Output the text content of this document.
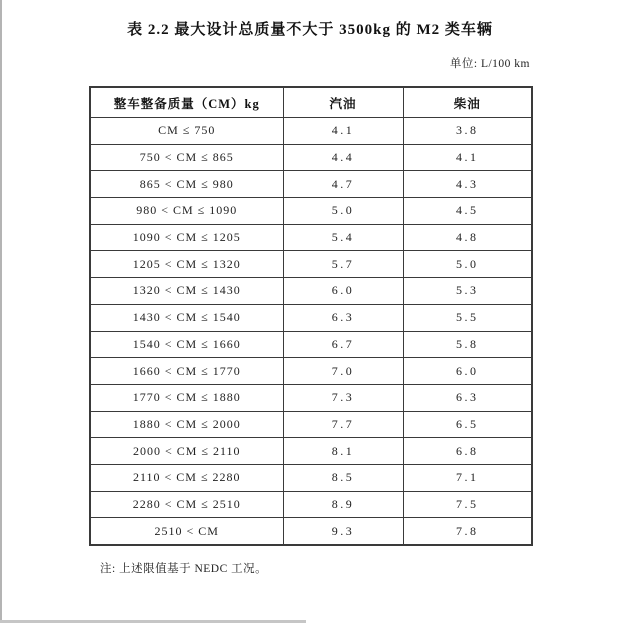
表 2.2 最大设计总质量不大于 3500kg 的 M2 类车辆
单位: L/100 km
整车整备质量（CM）kg	汽油	柴油
CM ≤ 750	4.1	3.8
750 < CM ≤ 865	4.4	4.1
865 < CM ≤ 980	4.7	4.3
980 < CM ≤ 1090	5.0	4.5
1090 < CM ≤ 1205	5.4	4.8
1205 < CM ≤ 1320	5.7	5.0
1320 < CM ≤ 1430	6.0	5.3
1430 < CM ≤ 1540	6.3	5.5
1540 < CM ≤ 1660	6.7	5.8
1660 < CM ≤ 1770	7.0	6.0
1770 < CM ≤ 1880	7.3	6.3
1880 < CM ≤ 2000	7.7	6.5
2000 < CM ≤ 2110	8.1	6.8
2110 < CM ≤ 2280	8.5	7.1
2280 < CM ≤ 2510	8.9	7.5
2510 < CM	9.3	7.8
注: 上述限值基于 NEDC 工况。
